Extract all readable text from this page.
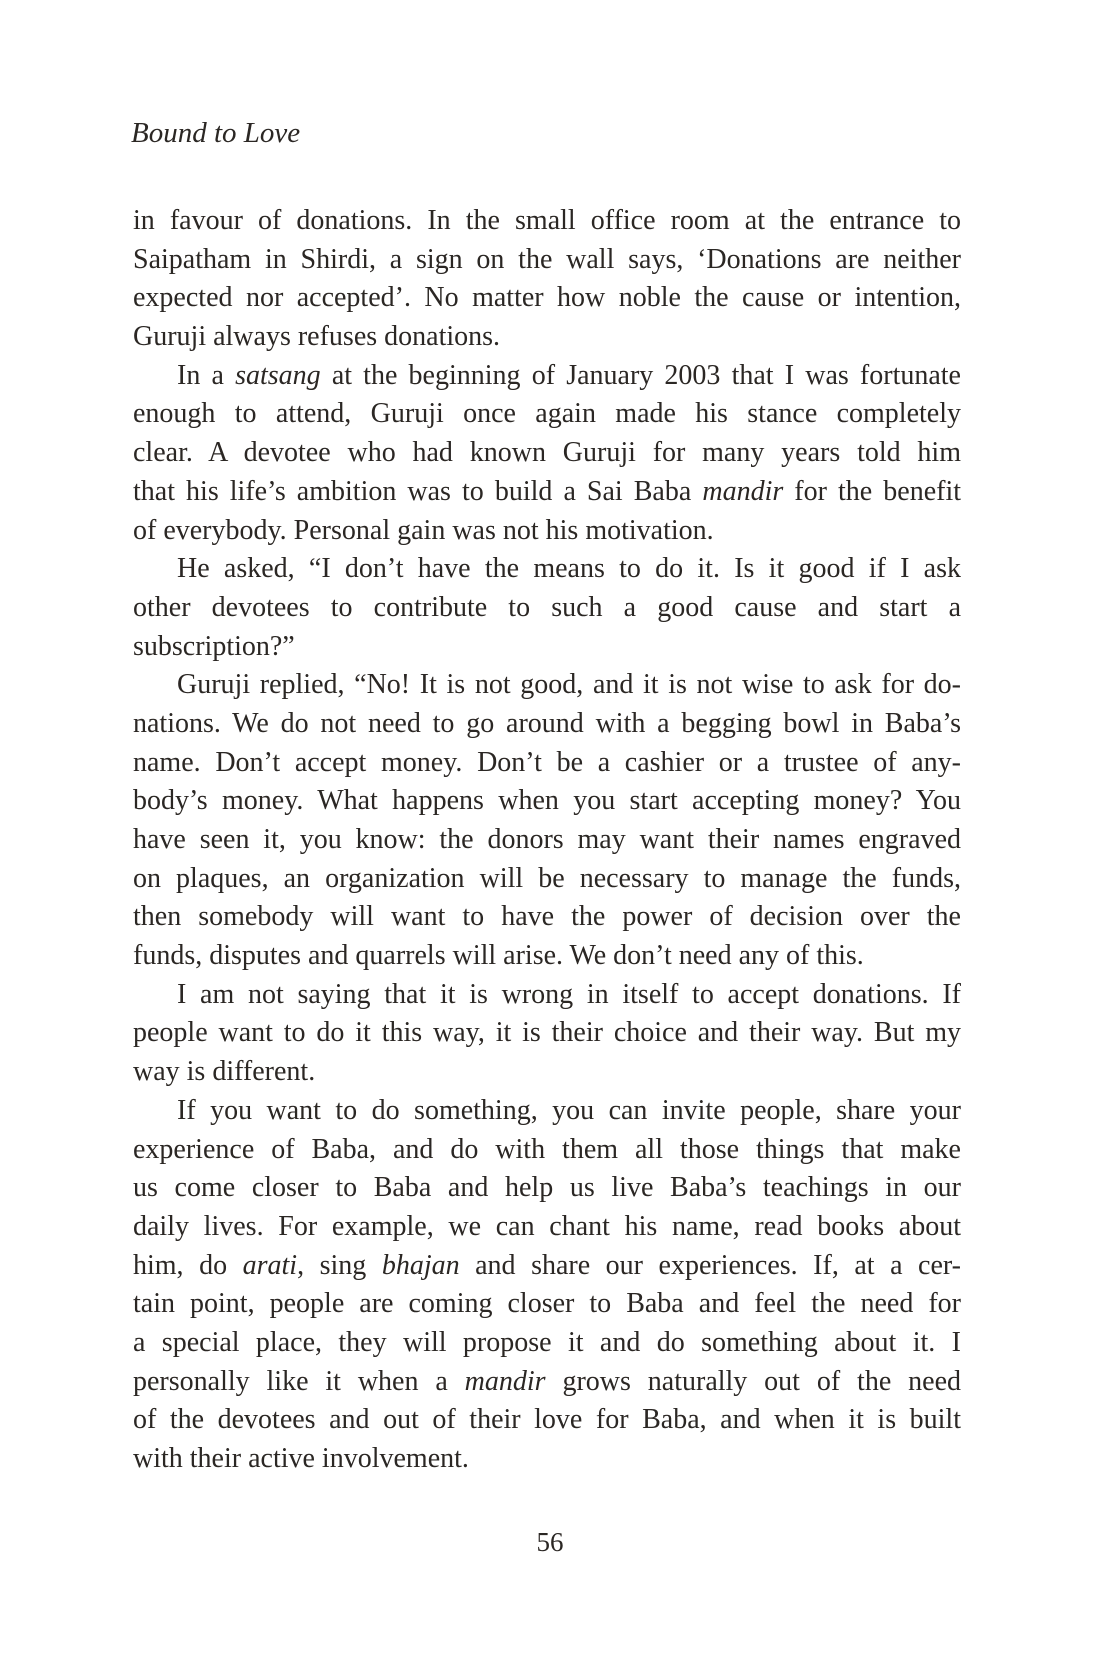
Bound to Love
in favour of donations. In the small office room at the entrance to
Saipatham in Shirdi, a sign on the wall says, ‘Donations are neither
expected nor accepted’. No matter how noble the cause or intention,
Guruji always refuses donations.
In a satsang at the beginning of January 2003 that I was fortunate
enough to attend, Guruji once again made his stance completely
clear. A devotee who had known Guruji for many years told him
that his life’s ambition was to build a Sai Baba mandir for the benefit
of everybody. Personal gain was not his motivation.
He asked, “I don’t have the means to do it. Is it good if I ask
other devotees to contribute to such a good cause and start a
subscription?”
Guruji replied, “No! It is not good, and it is not wise to ask for do-
nations. We do not need to go around with a begging bowl in Baba’s
name. Don’t accept money. Don’t be a cashier or a trustee of any-
body’s money. What happens when you start accepting money? You
have seen it, you know: the donors may want their names engraved
on plaques, an organization will be necessary to manage the funds,
then somebody will want to have the power of decision over the
funds, disputes and quarrels will arise. We don’t need any of this.
I am not saying that it is wrong in itself to accept donations. If
people want to do it this way, it is their choice and their way. But my
way is different.
If you want to do something, you can invite people, share your
experience of Baba, and do with them all those things that make
us come closer to Baba and help us live Baba’s teachings in our
daily lives. For example, we can chant his name, read books about
him, do arati, sing bhajan and share our experiences. If, at a cer-
tain point, people are coming closer to Baba and feel the need for
a special place, they will propose it and do something about it. I
personally like it when a mandir grows naturally out of the need
of the devotees and out of their love for Baba, and when it is built
with their active involvement.
56
